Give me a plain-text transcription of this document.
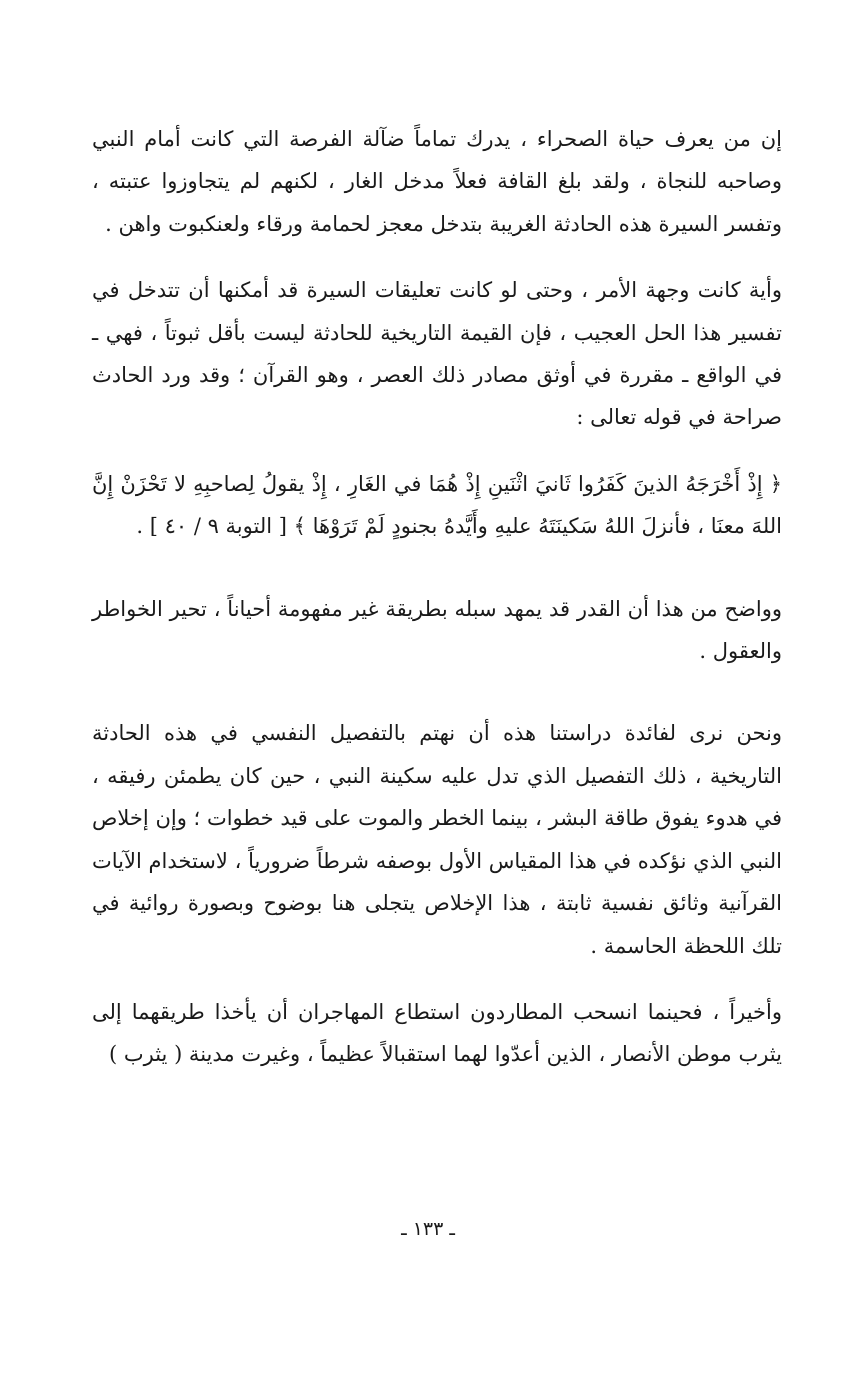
إن من يعرف حياة الصحراء ، يدرك تماماً ضآلة الفرصة التي كانت أمام النبي وصاحبه للنجاة ، ولقد بلغ القافة فعلاً مدخل الغار ، لكنهم لم يتجاوزوا عتبته ، وتفسر السيرة هذه الحادثة الغريبة بتدخل معجز لحمامة ورقاء ولعنكبوت واهن .

وأية كانت وجهة الأمر ، وحتى لو كانت تعليقات السيرة قد أمكنها أن تتدخل في تفسير هذا الحل العجيب ، فإن القيمة التاريخية للحادثة ليست بأقل ثبوتاً ، فهي ـ في الواقع ـ مقررة في أوثق مصادر ذلك العصر ، وهو القرآن ؛ وقد ورد الحادث صراحة في قوله تعالى :

﴿ إِذْ أَخْرَجَهُ الذينَ كَفَرُوا ثَانيَ اثْنَينِ إِذْ هُمَا في الغَارِ ، إِذْ يقولُ لِصاحبِهِ لا تَحْزَنْ إِنَّ اللهَ معنَا ، فأنزلَ اللهُ سَكينَتَهُ عليهِ وأَيَّدهُ بجنودٍ لَمْ تَرَوْهَا ﴾ [ التوبة ٩ / ٤٠ ] .

وواضح من هذا أن القدر قد يمهد سبله بطريقة غير مفهومة أحياناً ، تحير الخواطر والعقول .

ونحن نرى لفائدة دراستنا هذه أن نهتم بالتفصيل النفسي في هذه الحادثة التاريخية ، ذلك التفصيل الذي تدل عليه سكينة النبي ، حين كان يطمئن رفيقه ، في هدوء يفوق طاقة البشر ، بينما الخطر والموت على قيد خطوات ؛ وإن إخلاص النبي الذي نؤكده في هذا المقياس الأول بوصفه شرطاً ضرورياً ، لاستخدام الآيات القرآنية وثائق نفسية ثابتة ، هذا الإخلاص يتجلى هنا بوضوح وبصورة روائية في تلك اللحظة الحاسمة .

وأخيراً ، فحينما انسحب المطاردون استطاع المهاجران أن يأخذا طريقهما إلى يثرب موطن الأنصار ، الذين أعدّوا لهما استقبالاً عظيماً ، وغيرت مدينة ( يثرب )

ـ ١٣٣ ـ
